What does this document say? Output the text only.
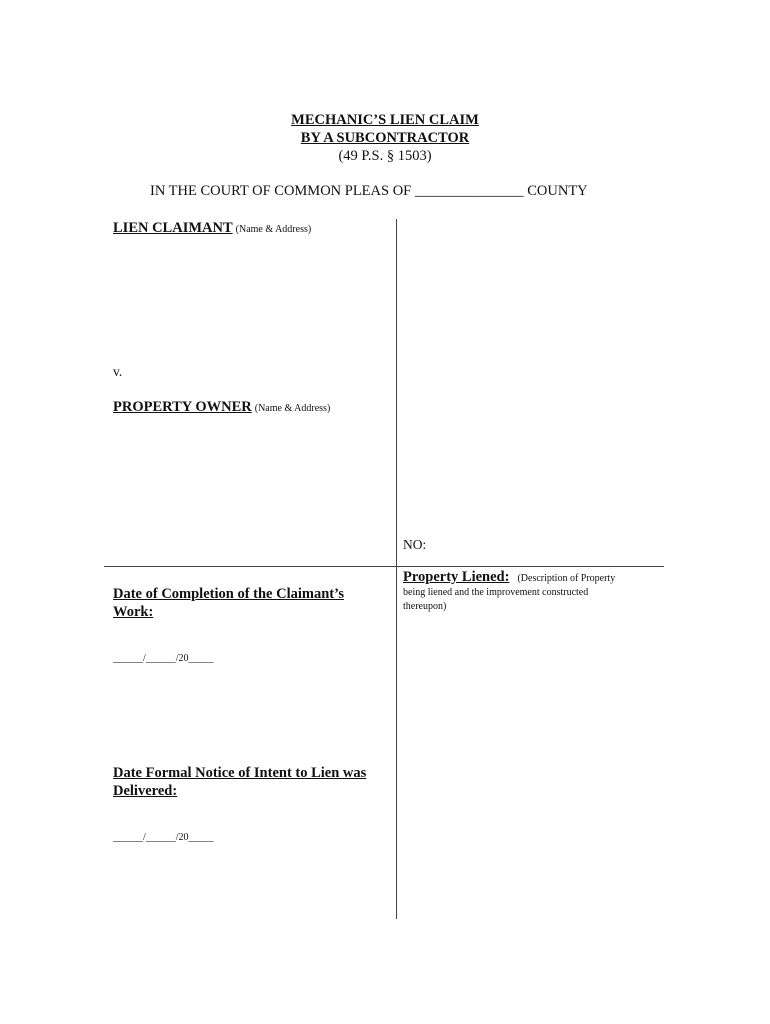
MECHANIC’S LIEN CLAIM
BY A SUBCONTRACTOR
(49 P.S. § 1503)
IN THE COURT OF COMMON PLEAS OF _______________ COUNTY
LIEN CLAIMANT (Name & Address)
v.
PROPERTY OWNER (Name & Address)
NO:
Date of Completion of the Claimant’s
Work:
______/______/20_____
Date Formal Notice of Intent to Lien was
Delivered:
______/______/20_____
Property Liened: (Description of Property
being liened and the improvement constructed
thereupon)
